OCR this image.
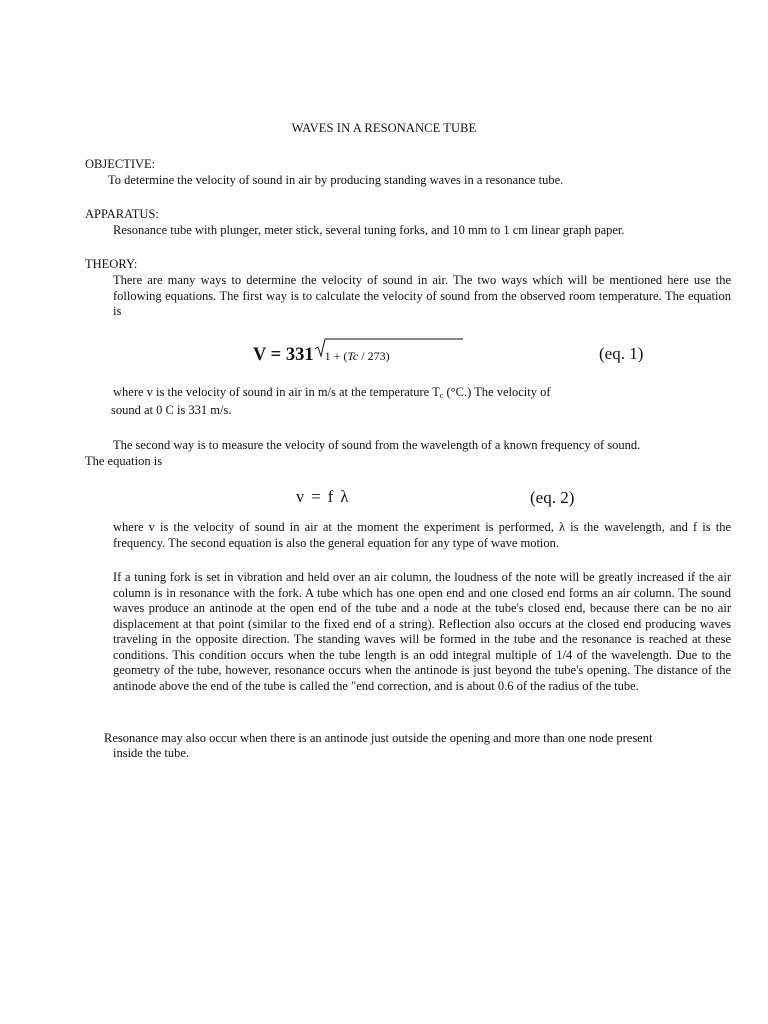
WAVES IN A RESONANCE TUBE

OBJECTIVE:

To determine the velocity of sound in air by producing standing waves in a resonance tube.

APPARATUS:

Resonance tube with plunger, meter stick, several tuning forks, and 10 mm to 1 cm linear graph paper.

THEORY:

There are many ways to determine the velocity of sound in air. The two ways which will be mentioned here use the following equations. The first way is to calculate the velocity of sound from the observed room temperature. The equation is

V = 331 1 + (Tc / 273)	(eq. 1)

where v is the velocity of sound in air in m/s at the temperature $T_c$ (°C.) The velocity of

sound at 0 C is 331 m/s.

The second way is to measure the velocity of sound from the wavelength of a known frequency of sound.

The equation is

v = f λ	(eq. 2)

where v is the velocity of sound in air at the moment the experiment is performed, λ is the wavelength, and f is the frequency. The second equation is also the general equation for any type of wave motion.

If a tuning fork is set in vibration and held over an air column, the loudness of the note will be greatly increased if the air column is in resonance with the fork. A tube which has one open end and one closed end forms an air column. The sound waves produce an antinode at the open end of the tube and a node at the tube's closed end, because there can be no air displacement at that point (similar to the fixed end of a string). Reflection also occurs at the closed end producing waves traveling in the opposite direction. The standing waves will be formed in the tube and the resonance is reached at these conditions. This condition occurs when the tube length is an odd integral multiple of 1/4 of the wavelength. Due to the geometry of the tube, however, resonance occurs when the antinode is just beyond the tube's opening. The distance of the antinode above the end of the tube is called the "end correction, and is about 0.6 of the radius of the tube.

Resonance may also occur when there is an antinode just outside the opening and more than one node present

inside the tube.
